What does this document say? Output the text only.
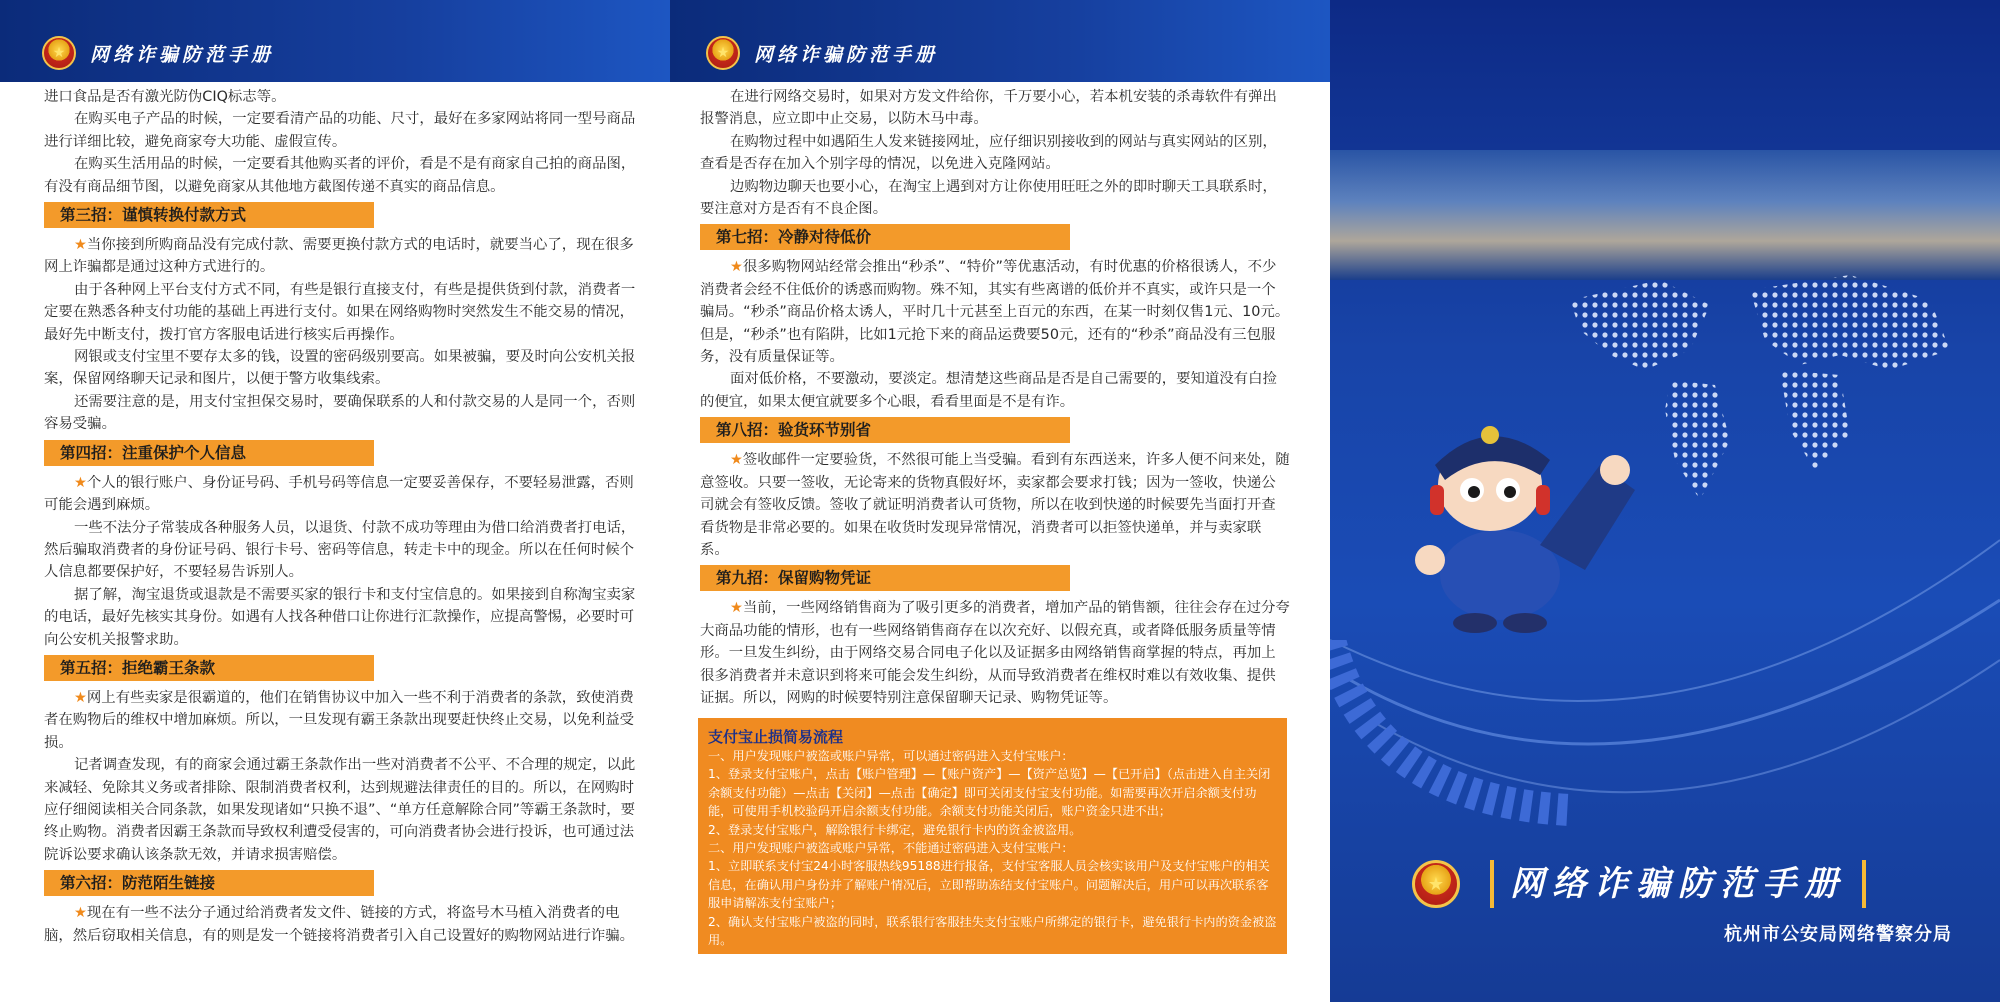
★	网络诈骗防范手册	★	网络诈骗防范手册

进口食品是否有激光防伪CIQ标志等。

在购买电子产品的时候，一定要看清产品的功能、尺寸，最好在多家网站将同一型号商品进行详细比较，避免商家夸大功能、虚假宣传。

在购买生活用品的时候，一定要看其他购买者的评价，看是不是有商家自己拍的商品图，有没有商品细节图，以避免商家从其他地方截图传递不真实的商品信息。

第三招：谨慎转换付款方式

★当你接到所购商品没有完成付款、需要更换付款方式的电话时，就要当心了，现在很多网上诈骗都是通过这种方式进行的。

由于各种网上平台支付方式不同，有些是银行直接支付，有些是提供货到付款，消费者一定要在熟悉各种支付功能的基础上再进行支付。如果在网络购物时突然发生不能交易的情况，最好先中断支付，拨打官方客服电话进行核实后再操作。

网银或支付宝里不要存太多的钱，设置的密码级别要高。如果被骗，要及时向公安机关报案，保留网络聊天记录和图片，以便于警方收集线索。

还需要注意的是，用支付宝担保交易时，要确保联系的人和付款交易的人是同一个，否则容易受骗。

第四招：注重保护个人信息

★个人的银行账户、身份证号码、手机号码等信息一定要妥善保存，不要轻易泄露，否则可能会遇到麻烦。

一些不法分子常装成各种服务人员，以退货、付款不成功等理由为借口给消费者打电话，然后骗取消费者的身份证号码、银行卡号、密码等信息，转走卡中的现金。所以在任何时候个人信息都要保护好，不要轻易告诉别人。

据了解，淘宝退货或退款是不需要买家的银行卡和支付宝信息的。如果接到自称淘宝卖家的电话，最好先核实其身份。如遇有人找各种借口让你进行汇款操作，应提高警惕，必要时可向公安机关报警求助。

第五招：拒绝霸王条款

★网上有些卖家是很霸道的，他们在销售协议中加入一些不利于消费者的条款，致使消费者在购物后的维权中增加麻烦。所以，一旦发现有霸王条款出现要赶快终止交易，以免利益受损。

记者调查发现，有的商家会通过霸王条款作出一些对消费者不公平、不合理的规定，以此来减轻、免除其义务或者排除、限制消费者权利，达到规避法律责任的目的。所以，在网购时应仔细阅读相关合同条款，如果发现诸如“只换不退”、“单方任意解除合同”等霸王条款时，要终止购物。消费者因霸王条款而导致权利遭受侵害的，可向消费者协会进行投诉，也可通过法院诉讼要求确认该条款无效，并请求损害赔偿。

第六招：防范陌生链接

★现在有一些不法分子通过给消费者发文件、链接的方式，将盗号木马植入消费者的电脑，然后窃取相关信息，有的则是发一个链接将消费者引入自己设置好的购物网站进行诈骗。

在进行网络交易时，如果对方发文件给你，千万要小心，若本机安装的杀毒软件有弹出报警消息，应立即中止交易，以防木马中毒。

在购物过程中如遇陌生人发来链接网址，应仔细识别接收到的网站与真实网站的区别，查看是否存在加入个别字母的情况，以免进入克隆网站。

边购物边聊天也要小心，在淘宝上遇到对方让你使用旺旺之外的即时聊天工具联系时，要注意对方是否有不良企图。

第七招：冷静对待低价

★很多购物网站经常会推出“秒杀”、“特价”等优惠活动，有时优惠的价格很诱人，不少消费者会经不住低价的诱惑而购物。殊不知，其实有些离谱的低价并不真实，或许只是一个骗局。“秒杀”商品价格太诱人，平时几十元甚至上百元的东西，在某一时刻仅售1元、10元。但是，“秒杀”也有陷阱，比如1元抢下来的商品运费要50元，还有的“秒杀”商品没有三包服务，没有质量保证等。

面对低价格，不要激动，要淡定。想清楚这些商品是否是自己需要的，要知道没有白捡的便宜，如果太便宜就要多个心眼，看看里面是不是有诈。

第八招：验货环节别省

★签收邮件一定要验货，不然很可能上当受骗。看到有东西送来，许多人便不问来处，随意签收。只要一签收，无论寄来的货物真假好坏，卖家都会要求打钱；因为一签收，快递公司就会有签收反馈。签收了就证明消费者认可货物，所以在收到快递的时候要先当面打开查看货物是非常必要的。如果在收货时发现异常情况，消费者可以拒签快递单，并与卖家联系。

第九招：保留购物凭证

★当前，一些网络销售商为了吸引更多的消费者，增加产品的销售额，往往会存在过分夸大商品功能的情形，也有一些网络销售商存在以次充好、以假充真，或者降低服务质量等情形。一旦发生纠纷，由于网络交易合同电子化以及证据多由网络销售商掌握的特点，再加上很多消费者并未意识到将来可能会发生纠纷，从而导致消费者在维权时难以有效收集、提供证据。所以，网购的时候要特别注意保留聊天记录、购物凭证等。

支付宝止损简易流程

一、用户发现账户被盗或账户异常，可以通过密码进入支付宝账户：

1、登录支付宝账户，点击【账户管理】—【账户资产】—【资产总览】—【已开启】（点击进入自主关闭余额支付功能）—点击【关闭】—点击【确定】即可关闭支付宝支付功能。如需要再次开启余额支付功能，可使用手机校验码开启余额支付功能。余额支付功能关闭后，账户资金只进不出；

2、登录支付宝账户，解除银行卡绑定，避免银行卡内的资金被盗用。

二、用户发现账户被盗或账户异常，不能通过密码进入支付宝账户：

1、立即联系支付宝24小时客服热线95188进行报备，支付宝客服人员会核实该用户及支付宝账户的相关信息，在确认用户身份并了解账户情况后，立即帮助冻结支付宝账户。问题解决后，用户可以再次联系客服申请解冻支付宝账户；

2、确认支付宝账户被盗的同时，联系银行客服挂失支付宝账户所绑定的银行卡，避免银行卡内的资金被盗用。

★	网络诈骗防范手册
杭州市公安局网络警察分局
